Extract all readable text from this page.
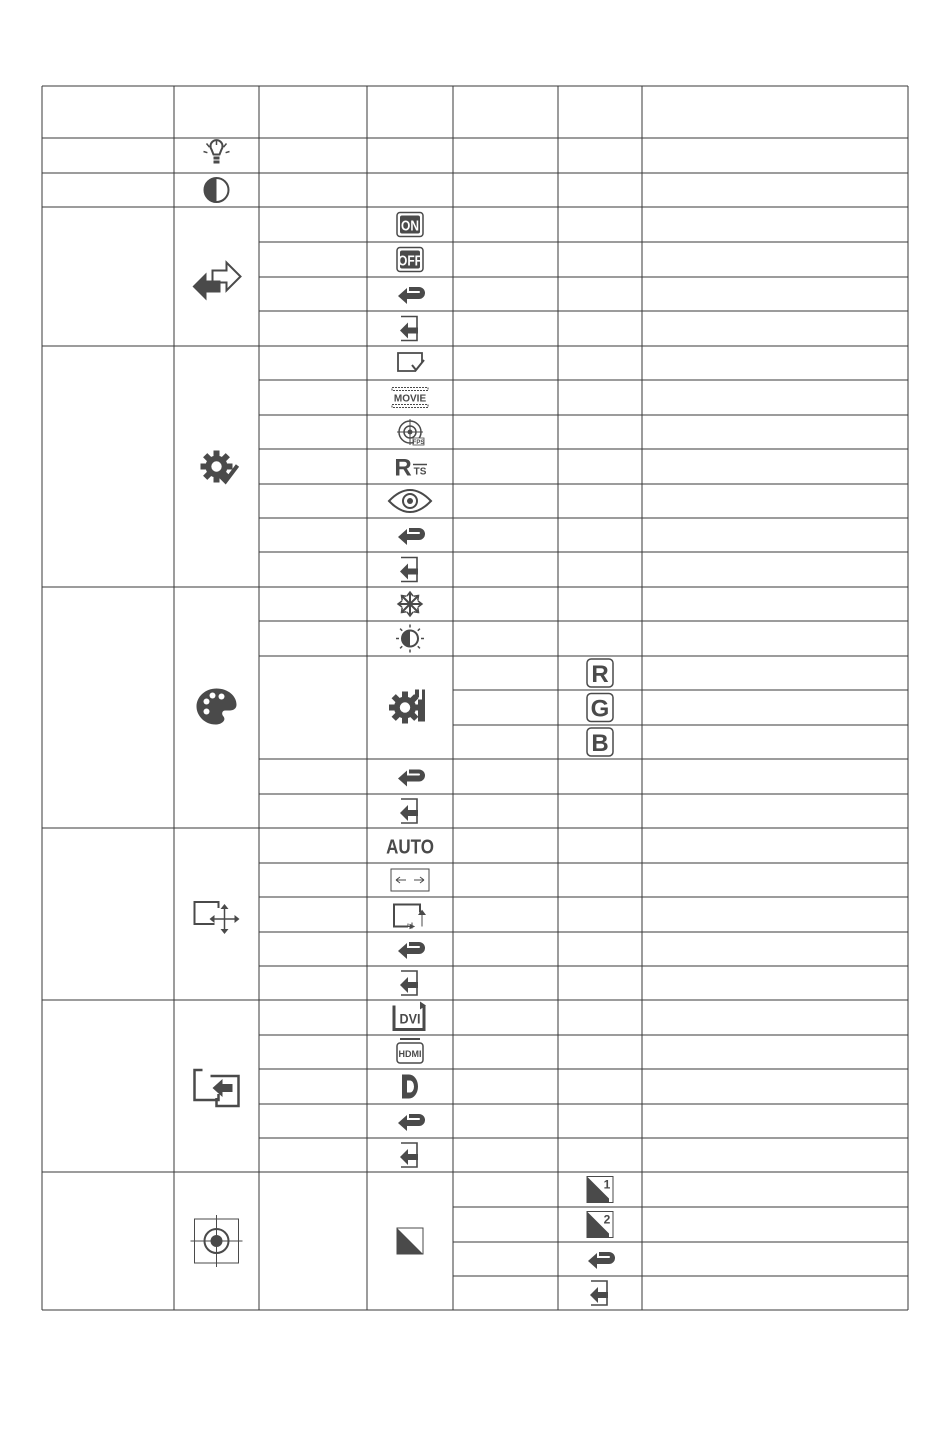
ON
OFF
MOVIE
FPS
R TS
R
G
B
AUTO
DVI
HDMI
1
2
